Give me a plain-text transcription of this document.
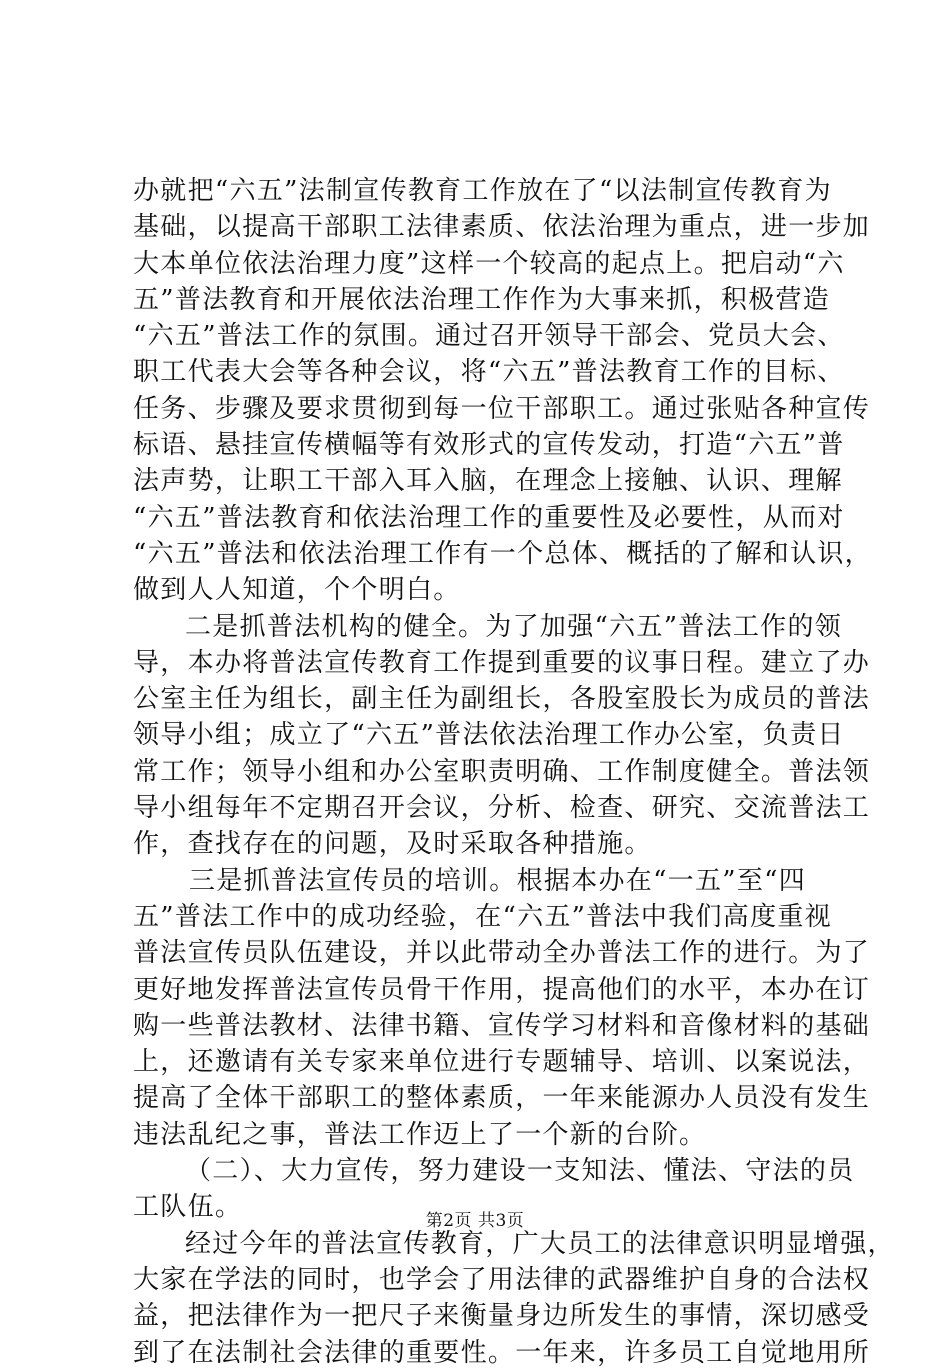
办就把“六五”法制宣传教育工作放在了“以法制宣传教育为
基础，以提高干部职工法律素质、依法治理为重点，进一步加
大本单位依法治理力度”这样一个较高的起点上。把启动“六
五”普法教育和开展依法治理工作作为大事来抓，积极营造
“六五”普法工作的氛围。通过召开领导干部会、党员大会、
职工代表大会等各种会议，将“六五”普法教育工作的目标、
任务、步骤及要求贯彻到每一位干部职工。通过张贴各种宣传
标语、悬挂宣传横幅等有效形式的宣传发动，打造“六五”普
法声势，让职工干部入耳入脑，在理念上接触、认识、理解
“六五”普法教育和依法治理工作的重要性及必要性，从而对
“六五”普法和依法治理工作有一个总体、概括的了解和认识，
做到人人知道，个个明白。
二是抓普法机构的健全。为了加强“六五”普法工作的领
导，本办将普法宣传教育工作提到重要的议事日程。建立了办
公室主任为组长，副主任为副组长，各股室股长为成员的普法
领导小组；成立了“六五”普法依法治理工作办公室，负责日
常工作；领导小组和办公室职责明确、工作制度健全。普法领
导小组每年不定期召开会议，分析、检查、研究、交流普法工
作，查找存在的问题，及时采取各种措施。
三是抓普法宣传员的培训。根据本办在“一五”至“四
五”普法工作中的成功经验，在“六五”普法中我们高度重视
普法宣传员队伍建设，并以此带动全办普法工作的进行。为了
更好地发挥普法宣传员骨干作用，提高他们的水平，本办在订
购一些普法教材、法律书籍、宣传学习材料和音像材料的基础
上，还邀请有关专家来单位进行专题辅导、培训、以案说法，
提高了全体干部职工的整体素质，一年来能源办人员没有发生
违法乱纪之事，普法工作迈上了一个新的台阶。
（二）、大力宣传，努力建设一支知法、懂法、守法的员
工队伍。
经过今年的普法宣传教育，广大员工的法律意识明显增强，
大家在学法的同时，也学会了用法律的武器维护自身的合法权
益，把法律作为一把尺子来衡量身边所发生的事情，深切感受
到了在法制社会法律的重要性。一年来，许多员工自觉地用所
第2页 共3页
